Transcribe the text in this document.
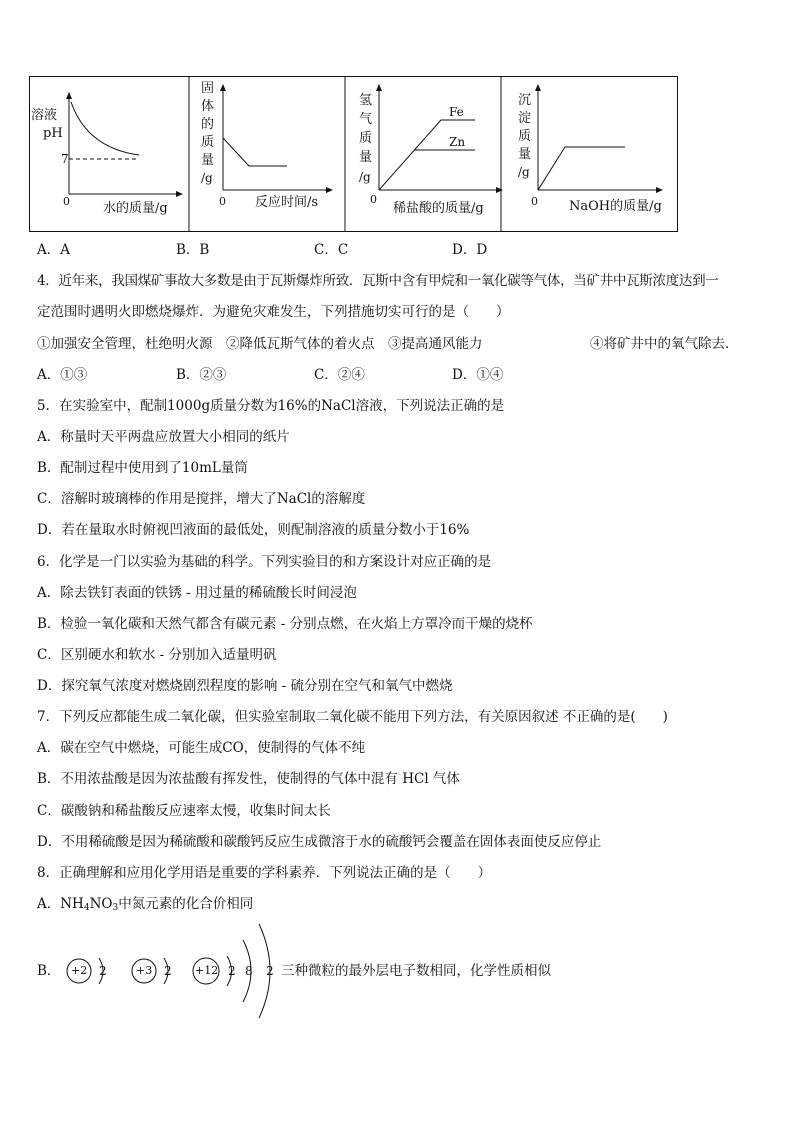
溶液
pH
7
0	水的质量/g
固
体
的
质
量
/g
0 反应时间/s
氢
气
质
量
/g
Fe
Zn
0
稀盐酸的质量/g
沉
淀
质
量
/g
0 NaOH的质量/g
A．A	B．B	C．C	D．D
4．近年来，我国煤矿事故大多数是由于瓦斯爆炸所致．瓦斯中含有甲烷和一氧化碳等气体，当矿井中瓦斯浓度达到一
定范围时遇明火即燃烧爆炸．为避免灾难发生，下列措施切实可行的是（　　）
①加强安全管理，杜绝明火源　②降低瓦斯气体的着火点　③提高通风能力	④将矿井中的氧气除去．
A．①③	B．②③	C．②④	D．①④
5．在实验室中，配制1000g质量分数为16%的NaCl溶液，下列说法正确的是
A．称量时天平两盘应放置大小相同的纸片
B．配制过程中使用到了10mL量筒
C．溶解时玻璃棒的作用是搅拌，增大了NaCl的溶解度
D．若在量取水时俯视凹液面的最低处，则配制溶液的质量分数小于16%
6．化学是一门以实验为基础的科学。下列实验目的和方案设计对应正确的是
A．除去铁钉表面的铁锈 - 用过量的稀硫酸长时间浸泡
B．检验一氧化碳和天然气都含有碳元素 - 分别点燃，在火焰上方罩冷而干燥的烧杯
C．区别硬水和软水 - 分别加入适量明矾
D．探究氧气浓度对燃烧剧烈程度的影响 - 硫分别在空气和氧气中燃烧
7．下列反应都能生成二氧化碳，但实验室制取二氧化碳不能用下列方法，有关原因叙述 不正确的是(　　)
A．碳在空气中燃烧，可能生成CO，使制得的气体不纯
B．不用浓盐酸是因为浓盐酸有挥发性，使制得的气体中混有 HCl 气体
C．碳酸钠和稀盐酸反应速率太慢，收集时间太长
D．不用稀硫酸是因为稀硫酸和碳酸钙反应生成微溶于水的硫酸钙会覆盖在固体表面使反应停止
8．正确理解和应用化学用语是重要的学科素养．下列说法正确的是（　　）
A．$NH_4NO_3$中氮元素的化合价相同
B． +2 2	+3 2 +12 2 8 2 三种微粒的最外层电子数相同，化学性质相似
